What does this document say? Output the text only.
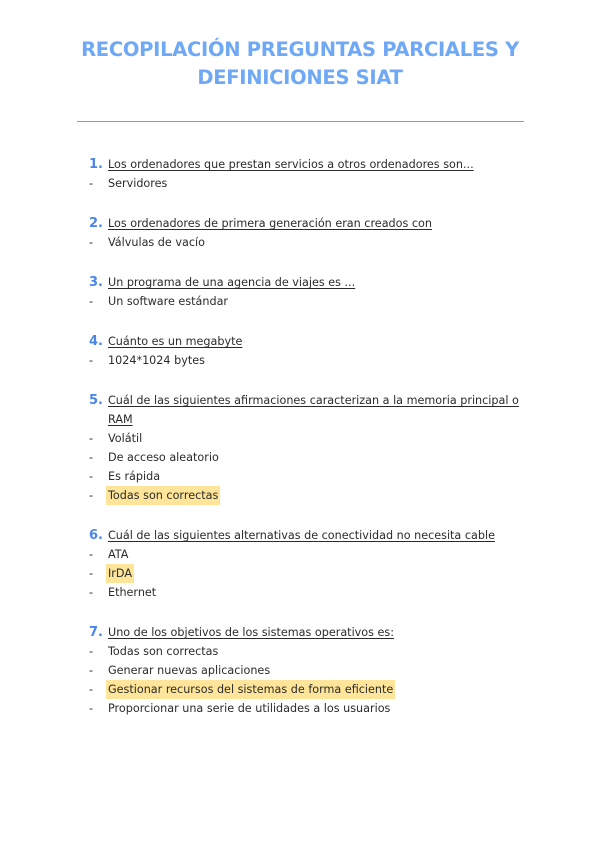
RECOPILACIÓN PREGUNTAS PARCIALES Y
DEFINICIONES SIAT
1. Los ordenadores que prestan servicios a otros ordenadores son...
-	Servidores
2. Los ordenadores de primera generación eran creados con
-	Válvulas de vacío
3. Un programa de una agencia de viajes es ...
-	Un software estándar
4. Cuánto es un megabyte
-	1024*1024 bytes
5. Cuál de las siguientes afirmaciones caracterizan a la memoria principal o RAM
-	Volátil
-	De acceso aleatorio
-	Es rápida
-	Todas son correctas
6. Cuál de las siguientes alternativas de conectividad no necesita cable
-	ATA
-	IrDA
-	Ethernet
7. Uno de los objetivos de los sistemas operativos es:
-	Todas son correctas
-	Generar nuevas aplicaciones
-	Gestionar recursos del sistemas de forma eficiente
-	Proporcionar una serie de utilidades a los usuarios
